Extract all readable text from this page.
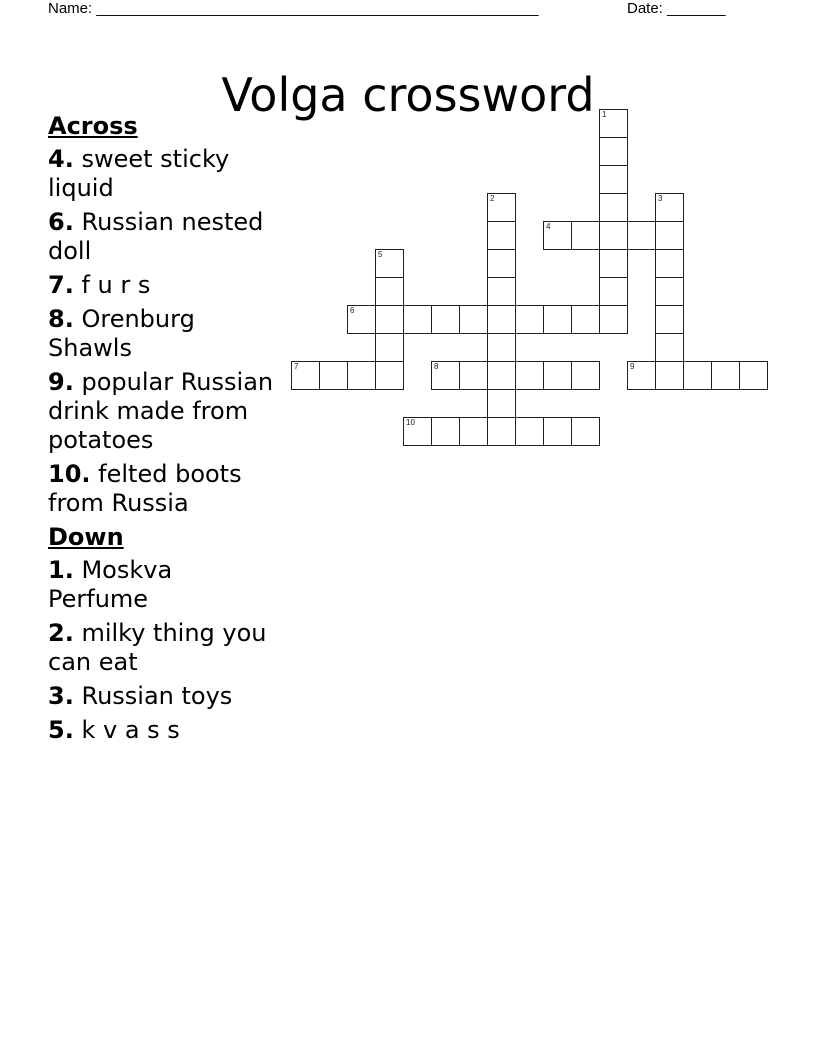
Name: _____________________________________________________	Date: _______
Volga crossword
Across
4. sweet sticky liquid
6. Russian nested doll
7. f u r s
8. Orenburg Shawls
9. popular Russian drink made from potatoes
10. felted boots from Russia
Down
1. Moskva Perfume
2. milky thing you can eat
3. Russian toys
5. k v a s s
1
2	3
4
5
6
7	8	9
10
